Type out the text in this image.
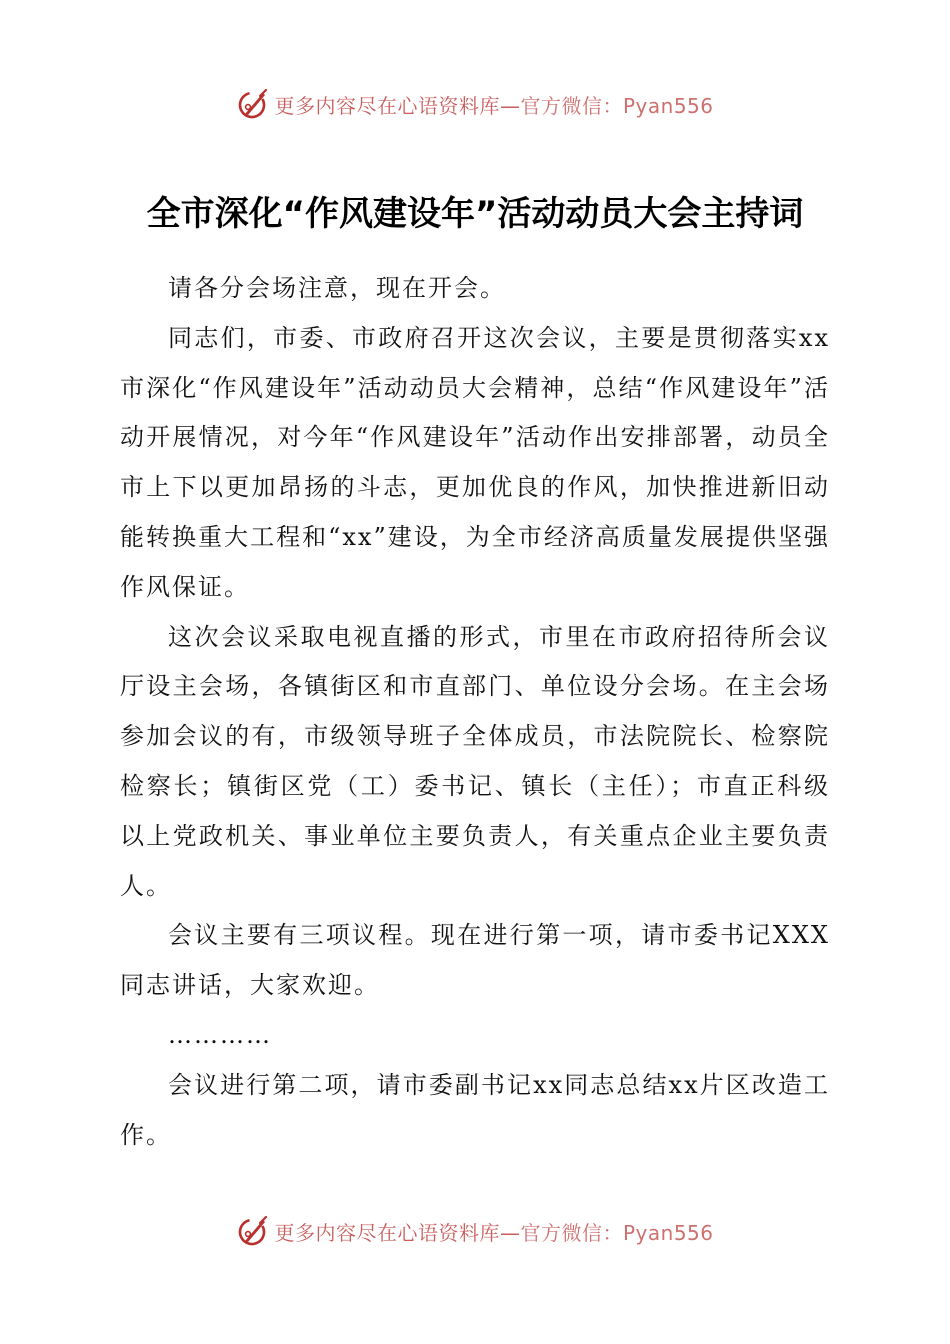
更多内容尽在心语资料库—官方微信：Pyan556
全市深化“作风建设年”活动动员大会主持词

请各分会场注意，现在开会。

同志们，市委、市政府召开这次会议，主要是贯彻落实xx市深化“作风建设年”活动动员大会精神，总结“作风建设年”活动开展情况，对今年“作风建设年”活动作出安排部署，动员全市上下以更加昂扬的斗志，更加优良的作风，加快推进新旧动能转换重大工程和“xx”建设，为全市经济高质量发展提供坚强作风保证。

这次会议采取电视直播的形式，市里在市政府招待所会议厅设主会场，各镇街区和市直部门、单位设分会场。在主会场参加会议的有，市级领导班子全体成员，市法院院长、检察院检察长；镇街区党（工）委书记、镇长（主任）；市直正科级以上党政机关、事业单位主要负责人，有关重点企业主要负责人。

会议主要有三项议程。现在进行第一项，请市委书记XXX同志讲话，大家欢迎。

…………

会议进行第二项，请市委副书记xx同志总结xx片区改造工作。

更多内容尽在心语资料库—官方微信：Pyan556
